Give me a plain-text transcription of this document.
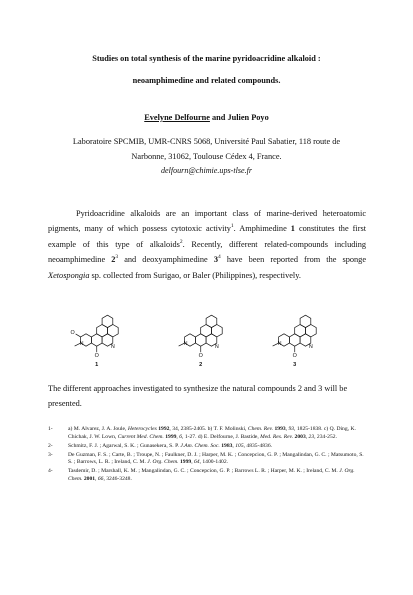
Studies on total synthesis of the marine pyridoacridine alkaloid :
neoamphimedine and related compounds.
Evelyne Delfourne and Julien Poyo
Laboratoire SPCMIB, UMR-CNRS 5068, Université Paul Sabatier, 118 route de
Narbonne, 31062, Toulouse Cédex 4, France.
delfourn@chimie.ups-tlse.fr
Pyridoacridine alkaloids are an important class of marine-derived heteroatomic pigments, many of which possess cytotoxic activity$^1$. Amphimedine 1 constitutes the first example of this type of alkaloids$^2$. Recently, different related-compounds including neoamphimedine $2^3$ and deoxyamphimedine $3^4$ have been reported from the sponge Xetospongia sp. collected from Surigao, or Baler (Philippines), respectively.
O
O
N
N
1
O
N
N
2
O
N
N
3
The different approaches investigated to synthesize the natural compounds 2 and 3 will be presented.
1-	a) M. Alvarez, J. A. Joule, Heterocycles 1992, 34, 2385-2405. b) T. F. Molinski, Chem. Rev. 1993, 93, 1825-1838. c) Q. Ding, K. Chichak, J. W. Lown, Current Med. Chem. 1999, 6, 1-27. d) E. Delfourne, J. Bastide, Med. Res. Rev. 2003, 23, 234-252.
2-	Schmitz, F. J. ; Agarwal, S. K. ; Gunasekera, S. P. J.Am. Chem. Soc. 1983, 105, 4835-4836.
3-	De Guzman, F. S. ; Carte, B. ; Troupe, N. ; Faulkner, D. J. ; Harper, M. K. ; Concepcion, G. P. ; Mangalindan, G. C. ; Matsumoto, S. S. ; Barrows, L. R. ; Ireland, C. M. J. Org. Chem. 1999, 64, 1400-1402.
4-	Tasdemir, D. ; Marshall, K. M. ; Mangalindan, G. C. ; Concepcion, G. P. ; Barrows L. R. ; Harper, M. K. ; Ireland, C. M. J. Org. Chem. 2001, 66, 3246-3248.
